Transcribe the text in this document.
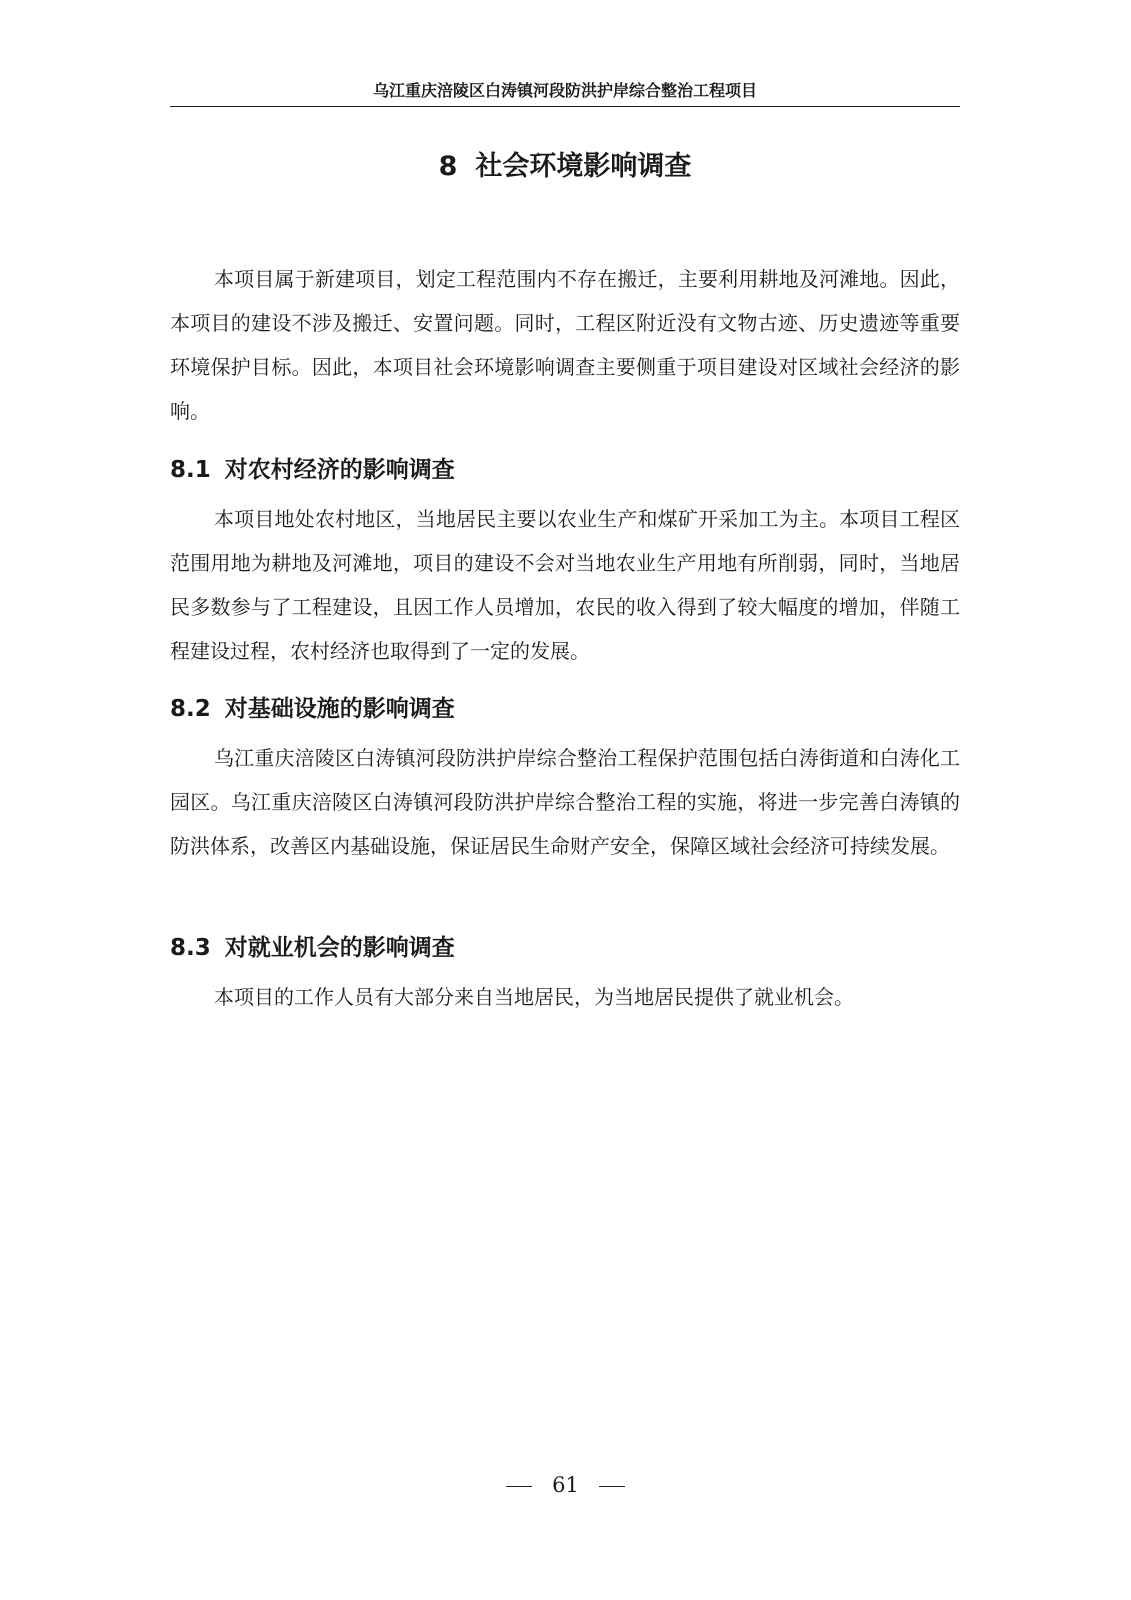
乌江重庆涪陵区白涛镇河段防洪护岸综合整治工程项目
8 社会环境影响调查

本项目属于新建项目，划定工程范围内不存在搬迁，主要利用耕地及河滩地。因此，本项目的建设不涉及搬迁、安置问题。同时，工程区附近没有文物古迹、历史遗迹等重要环境保护目标。因此，本项目社会环境影响调查主要侧重于项目建设对区域社会经济的影响。

8.1 对农村经济的影响调查

本项目地处农村地区，当地居民主要以农业生产和煤矿开采加工为主。本项目工程区范围用地为耕地及河滩地，项目的建设不会对当地农业生产用地有所削弱，同时，当地居民多数参与了工程建设，且因工作人员增加，农民的收入得到了较大幅度的增加，伴随工程建设过程，农村经济也取得到了一定的发展。

8.2 对基础设施的影响调查

乌江重庆涪陵区白涛镇河段防洪护岸综合整治工程保护范围包括白涛街道和白涛化工园区。乌江重庆涪陵区白涛镇河段防洪护岸综合整治工程的实施，将进一步完善白涛镇的防洪体系，改善区内基础设施，保证居民生命财产安全，保障区域社会经济可持续发展。

8.3 对就业机会的影响调查

本项目的工作人员有大部分来自当地居民，为当地居民提供了就业机会。

61
